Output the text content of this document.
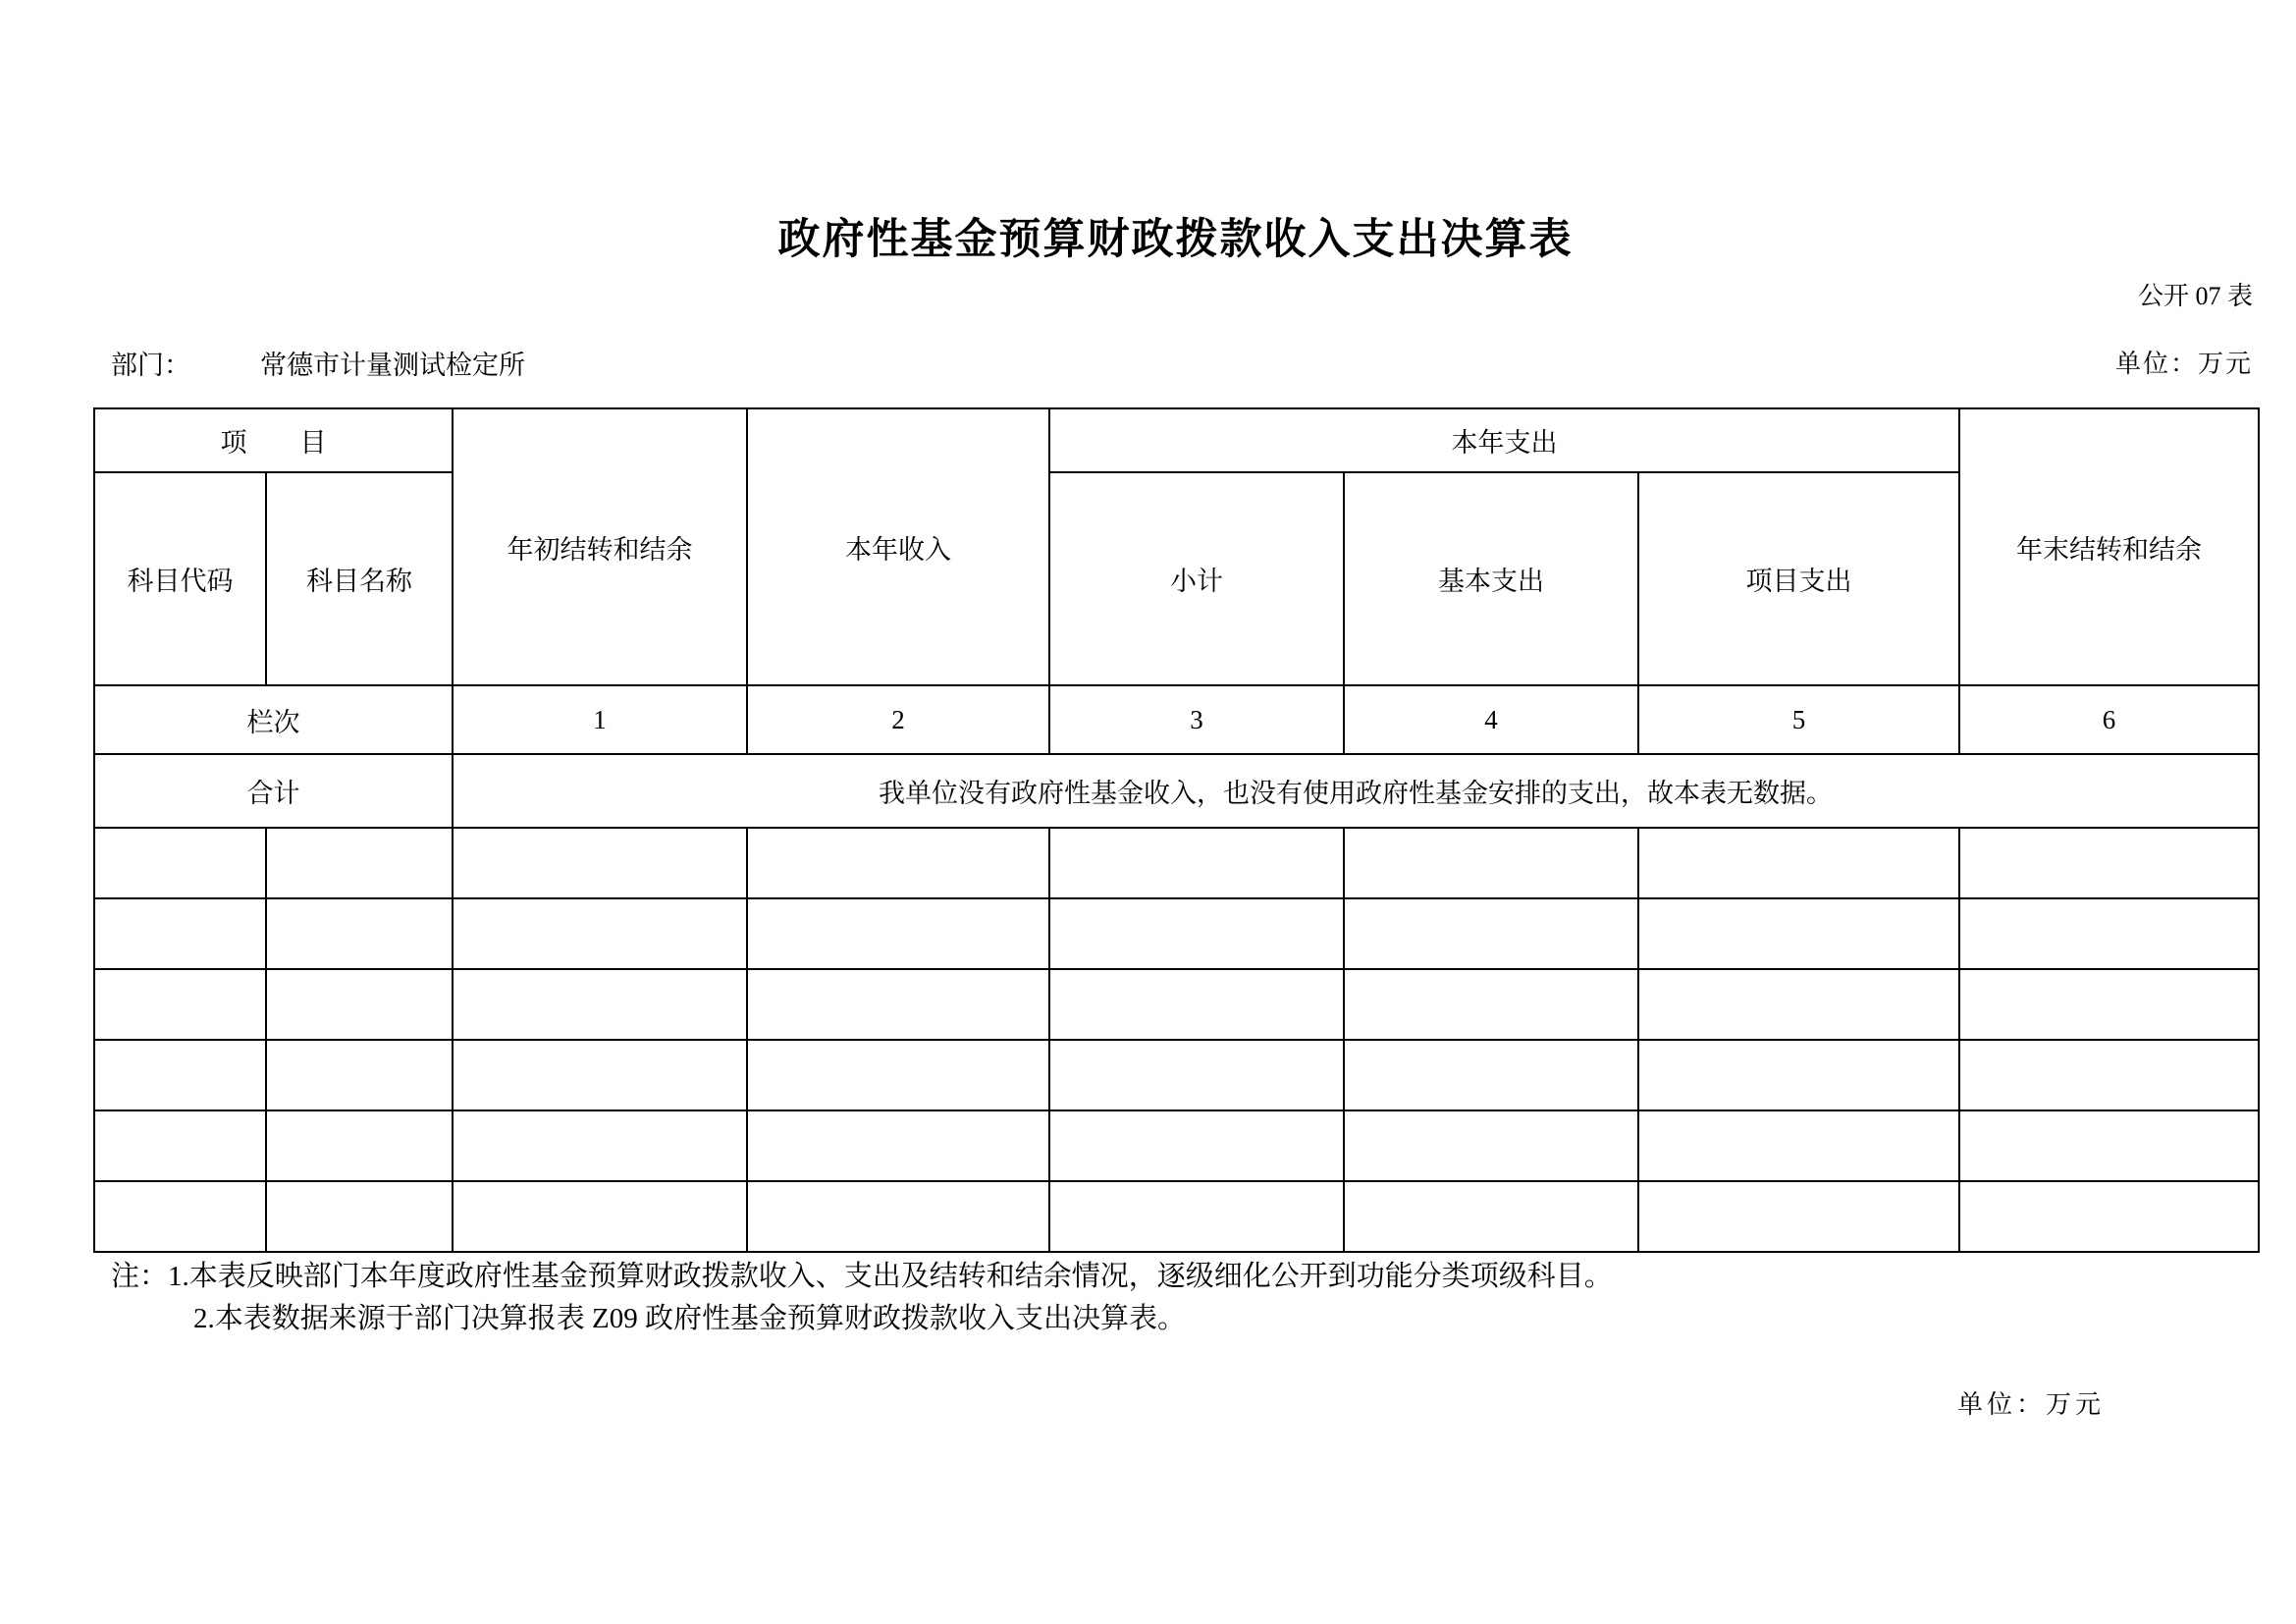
政府性基金预算财政拨款收入支出决算表
公开 07 表
部门：	常德市计量测试检定所	单位：万元
项　　目		年初结转和结余	本年收入	本年支出			年末结转和结余
科目代码	科目名称			小计	基本支出	项目支出	
栏次		1	2	3	4	5	6
合计		我单位没有政府性基金收入，也没有使用政府性基金安排的支出，故本表无数据。					

注：1.本表反映部门本年度政府性基金预算财政拨款收入、支出及结转和结余情况，逐级细化公开到功能分类项级科目。
2.本表数据来源于部门决算报表 Z09 政府性基金预算财政拨款收入支出决算表。
单位：万元
